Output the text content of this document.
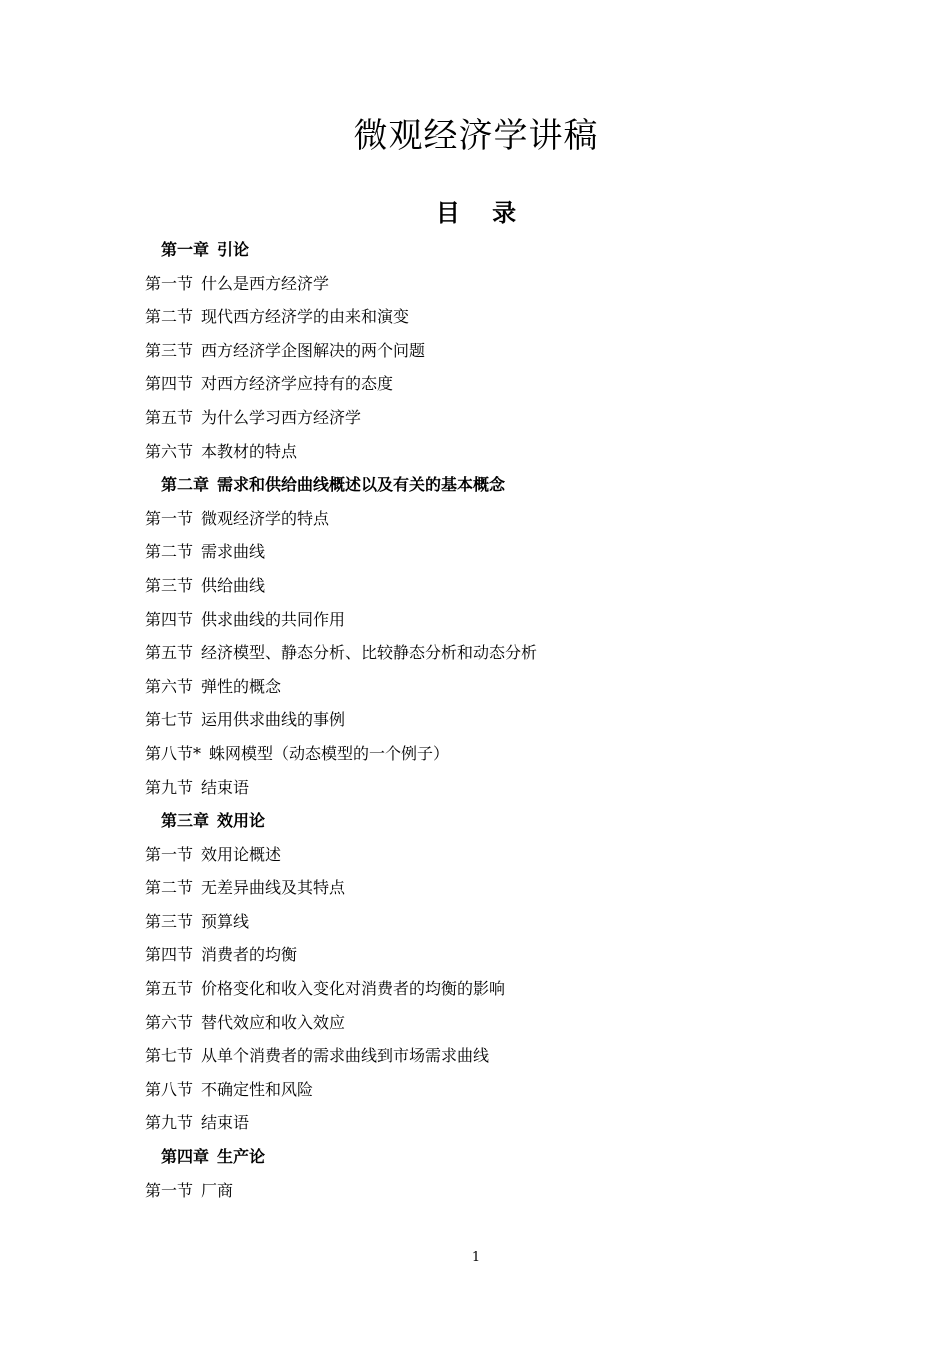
微观经济学讲稿
目 录
第一章 引论
第一节 什么是西方经济学
第二节 现代西方经济学的由来和演变
第三节 西方经济学企图解决的两个问题
第四节 对西方经济学应持有的态度
第五节 为什么学习西方经济学
第六节 本教材的特点
第二章 需求和供给曲线概述以及有关的基本概念
第一节 微观经济学的特点
第二节 需求曲线
第三节 供给曲线
第四节 供求曲线的共同作用
第五节 经济模型、静态分析、比较静态分析和动态分析
第六节 弹性的概念
第七节 运用供求曲线的事例
第八节* 蛛网模型（动态模型的一个例子）
第九节 结束语
第三章 效用论
第一节 效用论概述
第二节 无差异曲线及其特点
第三节 预算线
第四节 消费者的均衡
第五节 价格变化和收入变化对消费者的均衡的影响
第六节 替代效应和收入效应
第七节 从单个消费者的需求曲线到市场需求曲线
第八节 不确定性和风险
第九节 结束语
第四章 生产论
第一节 厂商
1
